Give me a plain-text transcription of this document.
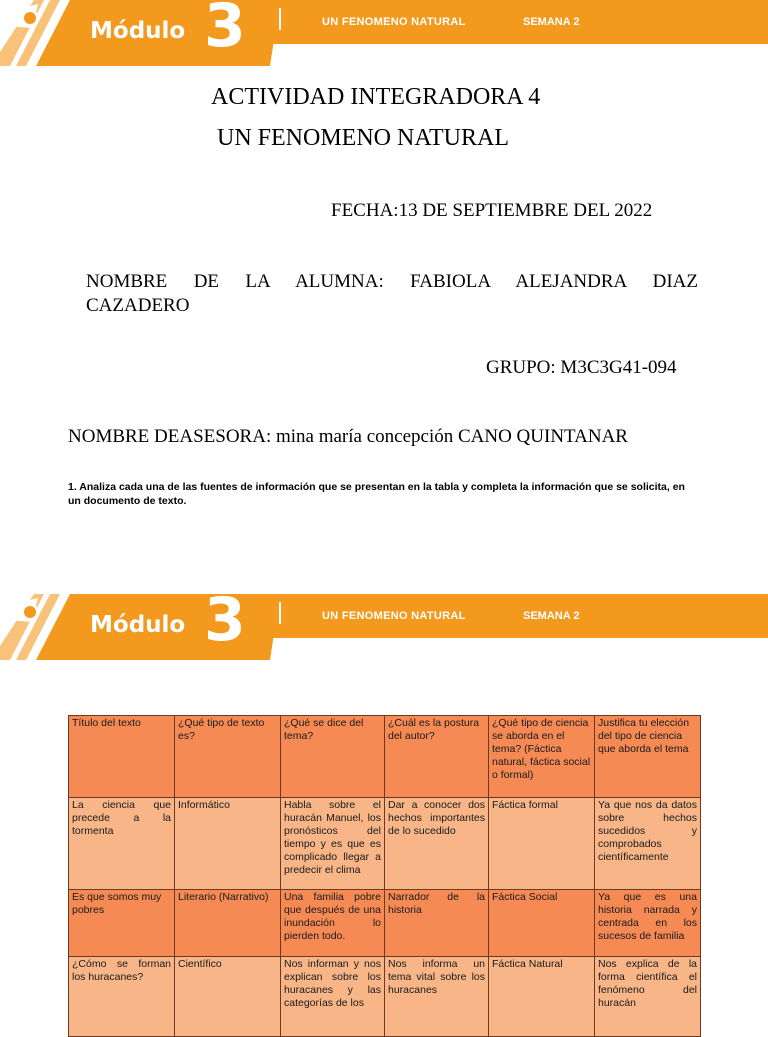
Módulo 3	UN FENOMENO NATURAL	SEMANA 2
ACTIVIDAD INTEGRADORA 4
UN FENOMENO NATURAL
FECHA:13 DE SEPTIEMBRE DEL 2022
NOMBRE DE LA ALUMNA: FABIOLA ALEJANDRA DIAZ
CAZADERO
GRUPO: M3C3G41-094
NOMBRE DEASESORA: mina maría concepción CANO QUINTANAR
1. Analiza cada una de las fuentes de información que se presentan en la tabla y completa la información que se solicita, en un documento de texto.
Módulo 3	UN FENOMENO NATURAL	SEMANA 2
Título del texto	¿Qué tipo de texto es?	¿Qué se dice del tema?	¿Cuál es la postura del autor?	¿Qué tipo de ciencia se aborda en el tema? (Fáctica natural, fáctica social o formal)	Justifica tu elección del tipo de ciencia que aborda el tema
La ciencia que precede a la tormenta	Informático	Habla sobre el huracán Manuel, los pronósticos del tiempo y es que es complicado llegar a predecir el clima	Dar a conocer dos hechos importantes de lo sucedido	Fáctica formal	Ya que nos da datos sobre hechos sucedidos y comprobados científicamente
Es que somos muy pobres	Literario (Narrativo)	Una familia pobre que después de una inundación lo pierden todo.	Narrador de la historia	Fáctica Social	Ya que es una historia narrada y centrada en los sucesos de familia
¿Cómo se forman los huracanes?	Científico	Nos informan y nos explican sobre los huracanes y las categorías de los	Nos informa un tema vital sobre los huracanes	Fáctica Natural	Nos explica de la forma científica el fenómeno del huracán
